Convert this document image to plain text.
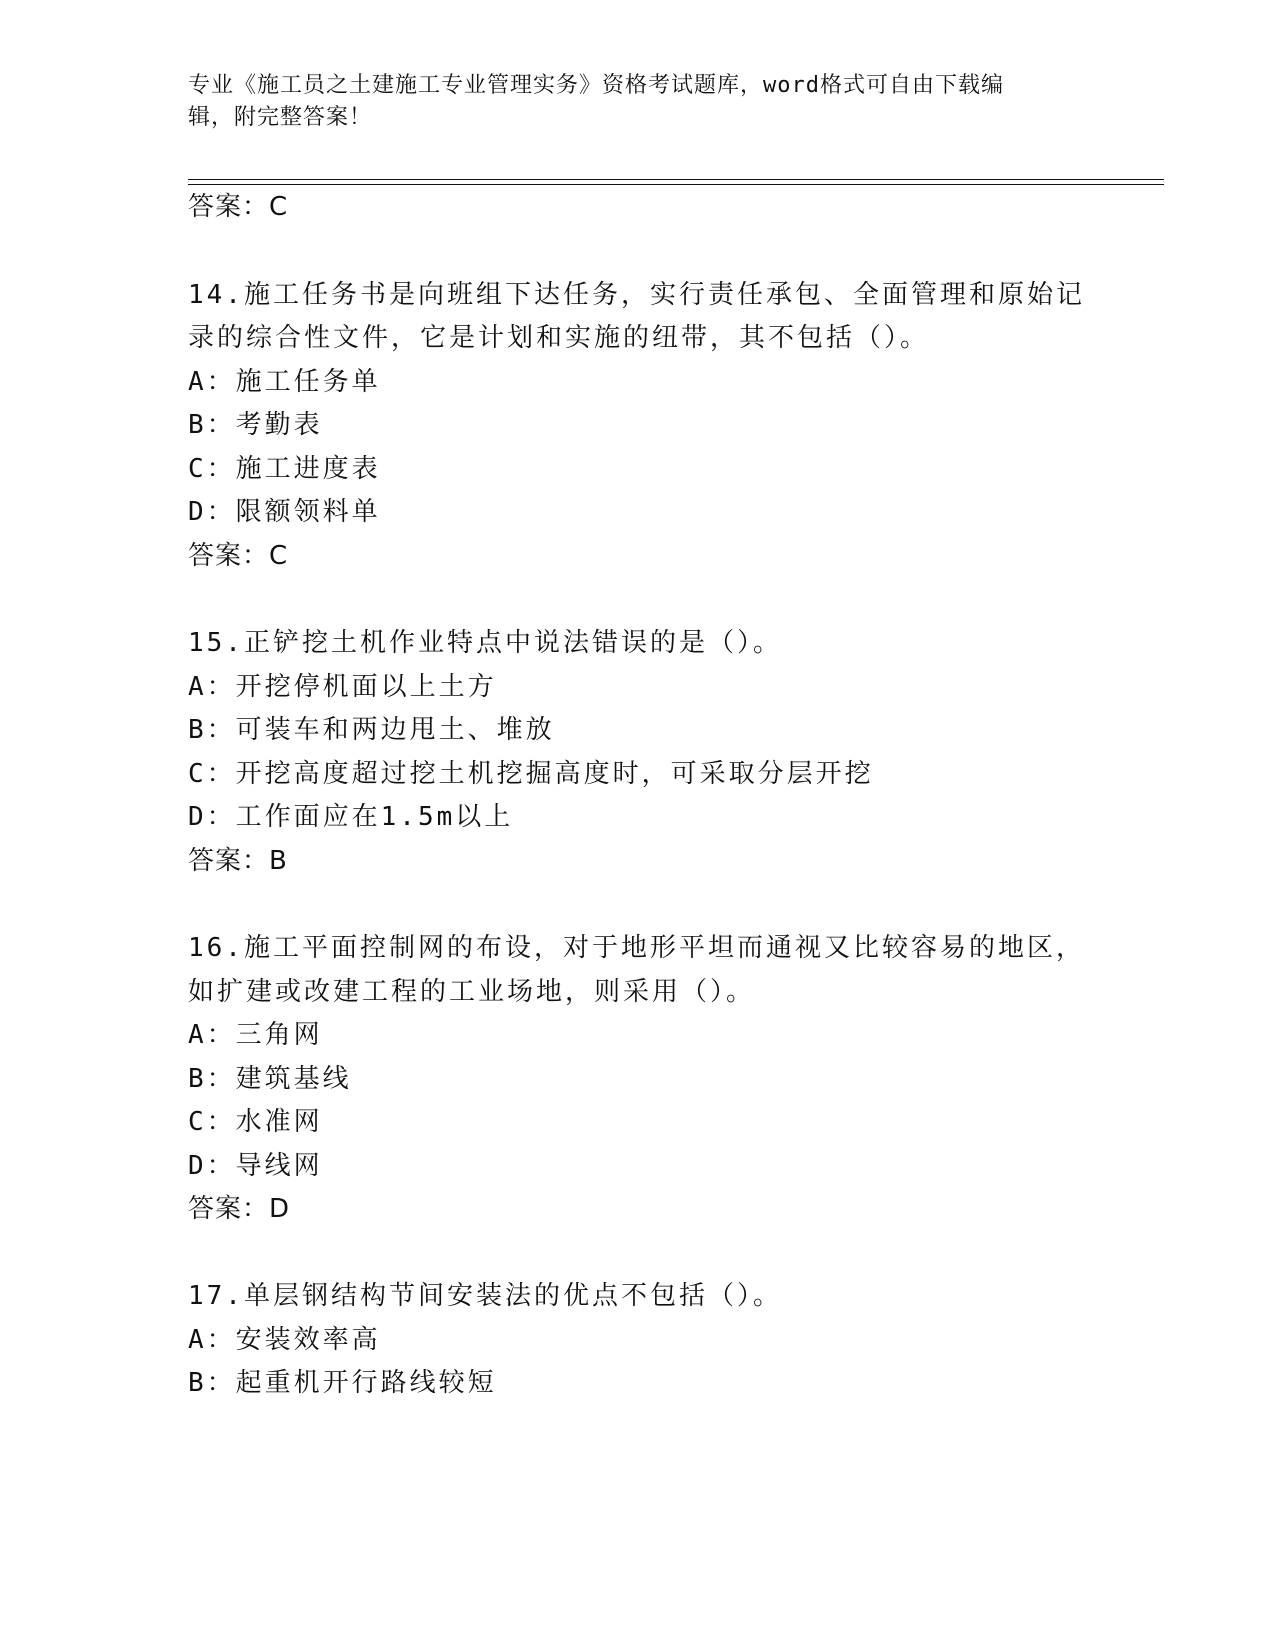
专业《施工员之土建施工专业管理实务》资格考试题库，word格式可自由下载编
辑，附完整答案！
答案：C
14.施工任务书是向班组下达任务，实行责任承包、全面管理和原始记
录的综合性文件，它是计划和实施的纽带，其不包括（）。
A：施工任务单
B：考勤表
C：施工进度表
D：限额领料单
答案：C
15.正铲挖土机作业特点中说法错误的是（）。
A：开挖停机面以上土方
B：可装车和两边甩土、堆放
C：开挖高度超过挖土机挖掘高度时，可采取分层开挖
D：工作面应在1.5m以上
答案：B
16.施工平面控制网的布设，对于地形平坦而通视又比较容易的地区，
如扩建或改建工程的工业场地，则采用（）。
A：三角网
B：建筑基线
C：水准网
D：导线网
答案：D
17.单层钢结构节间安装法的优点不包括（）。
A：安装效率高
B：起重机开行路线较短
